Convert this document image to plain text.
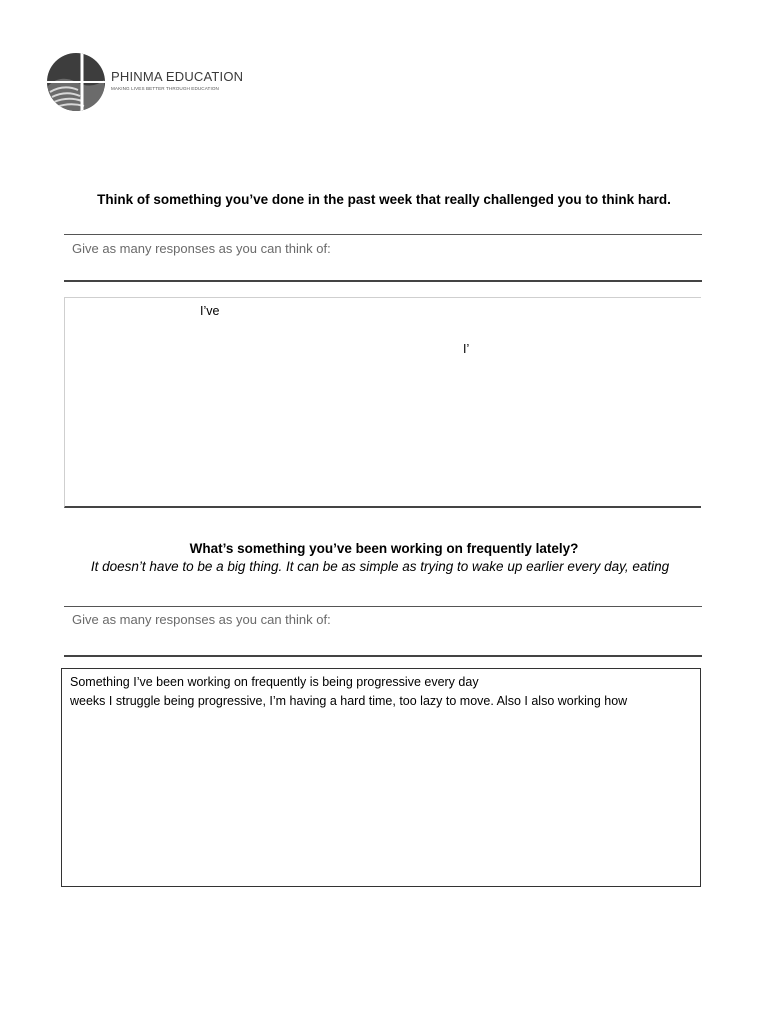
PHINMA EDUCATION
MAKING LIVES BETTER THROUGH EDUCATION
Think of something you’ve done in the past week that really challenged you to think hard.
Give as many responses as you can think of:
I’ve
I’
What’s something you’ve been working on frequently lately?
It doesn’t have to be a big thing. It can be as simple as trying to wake up earlier every day, eating
Give as many responses as you can think of:
Something I’ve been working on frequently is being progressive every day
weeks I struggle being progressive, I’m having a hard time, too lazy to move. Also I also working how
